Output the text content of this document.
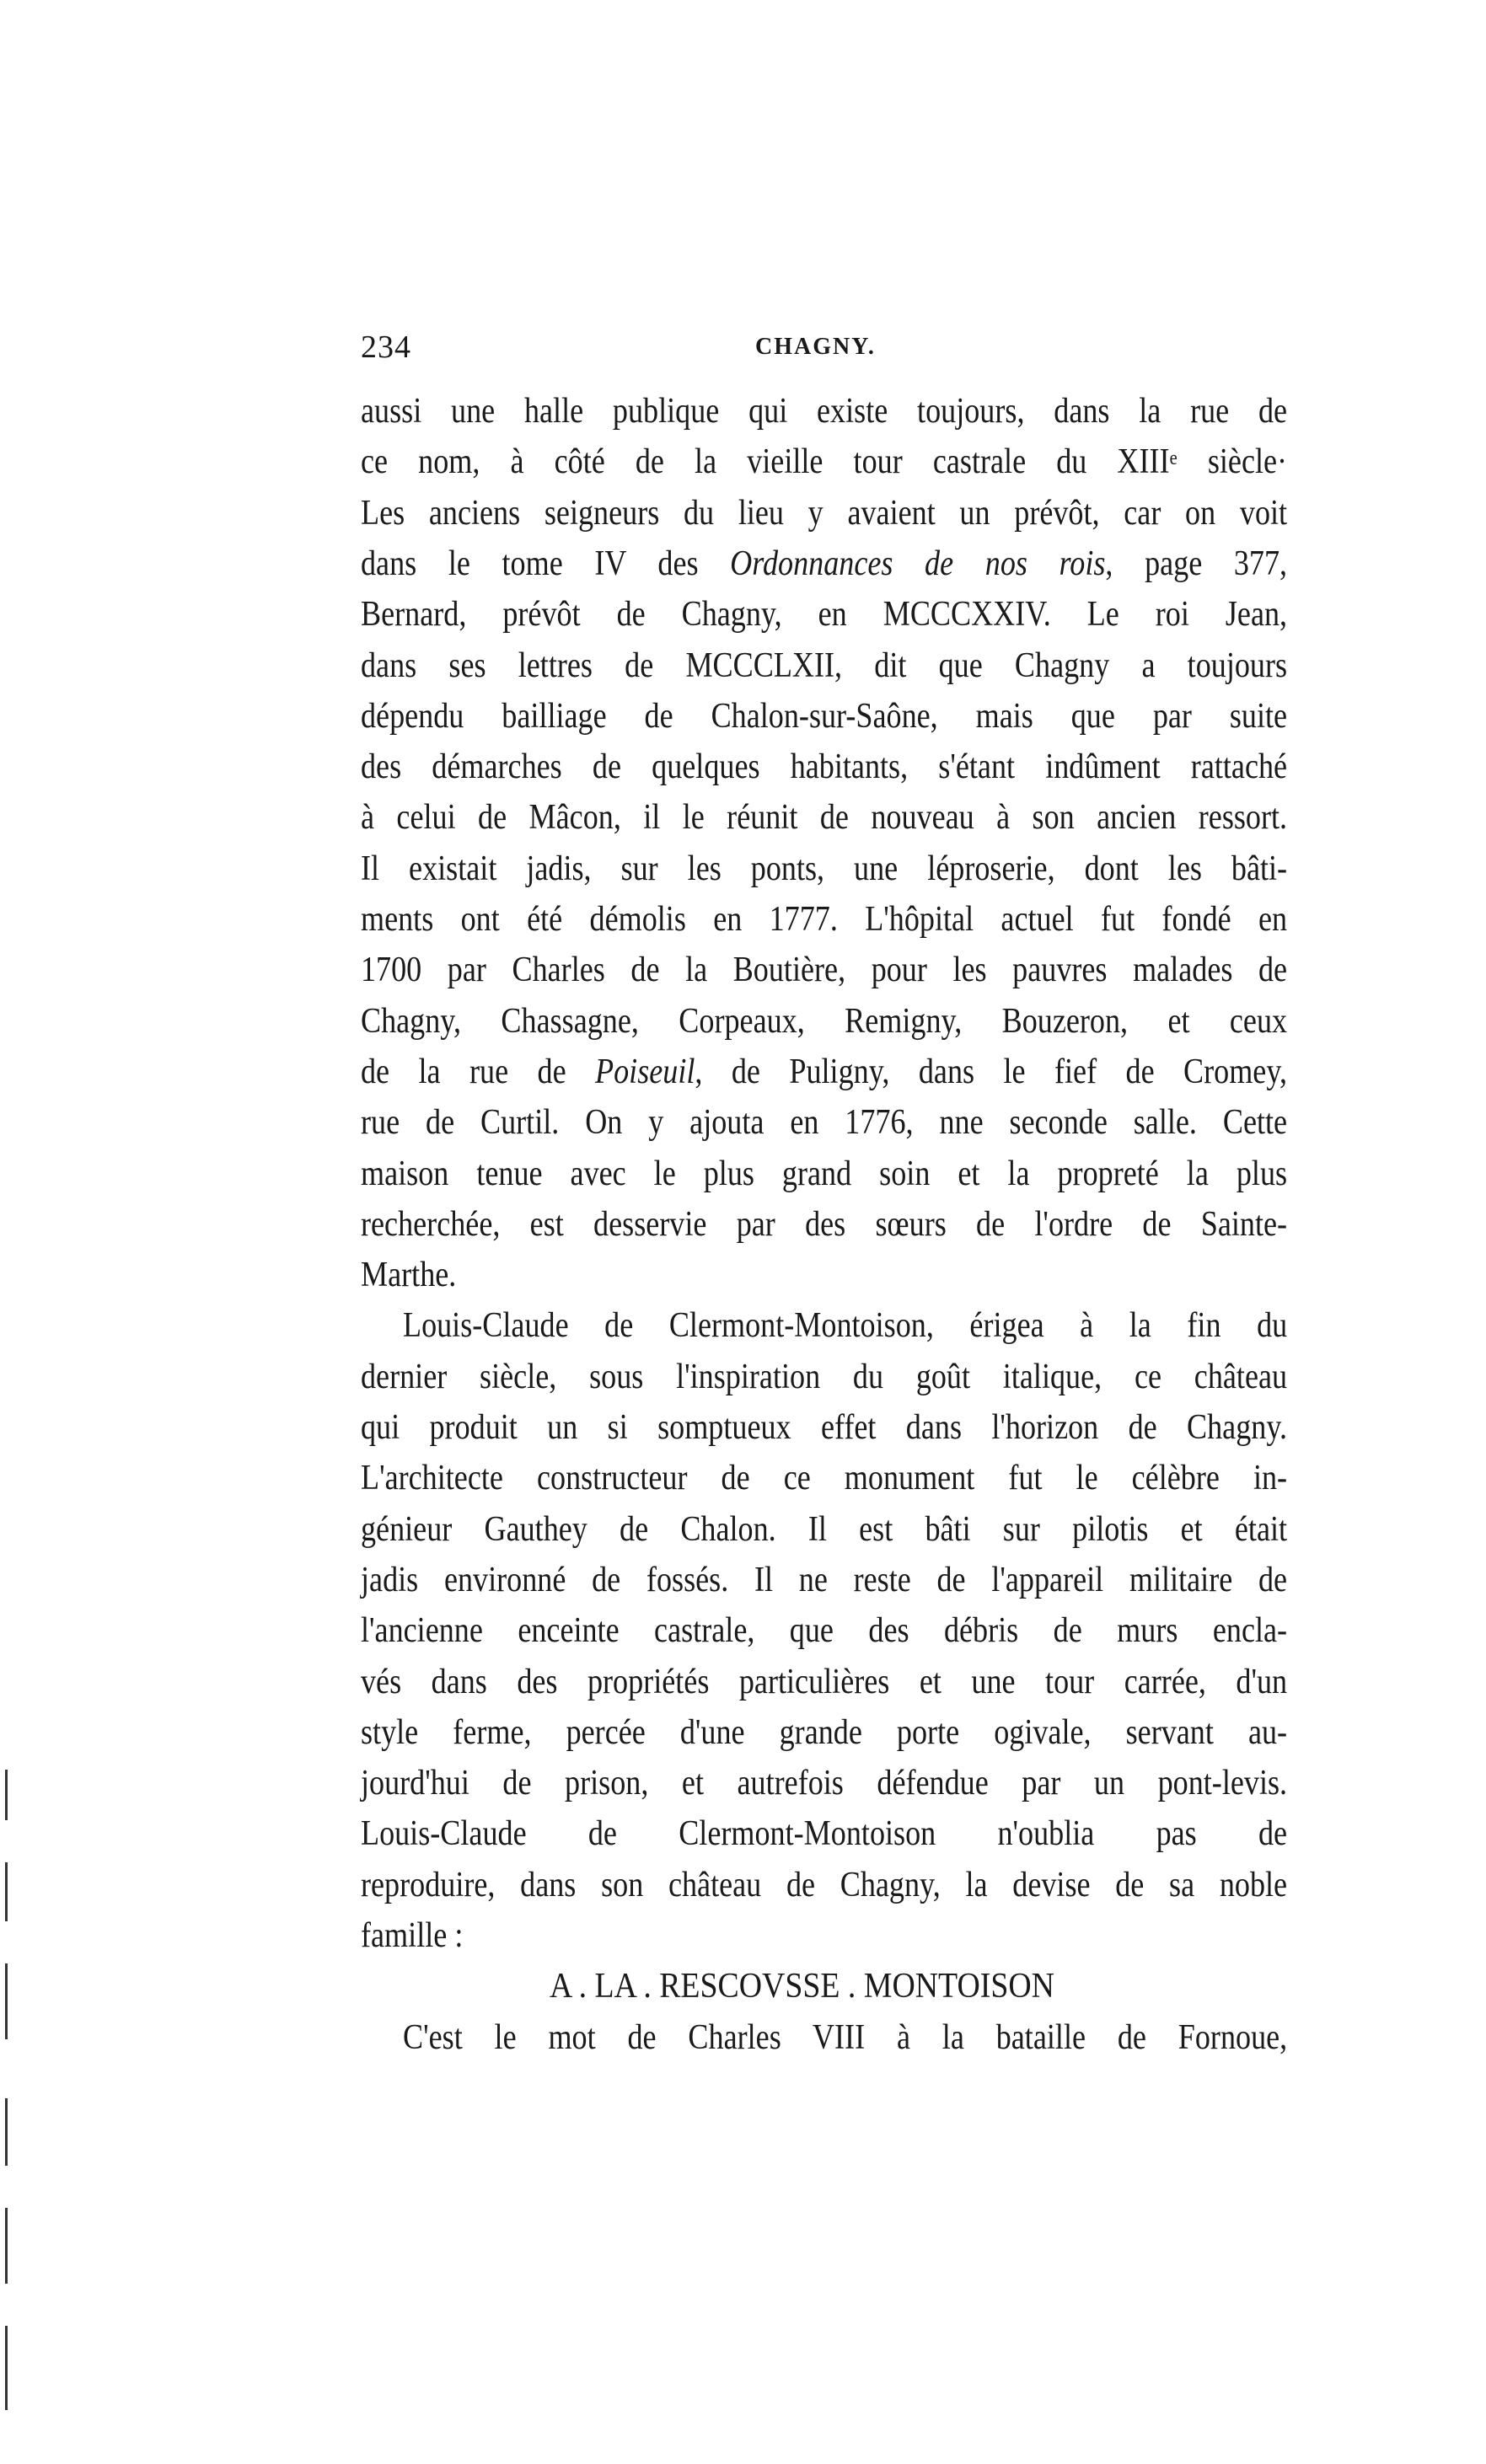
234	CHAGNY.
aussi une halle publique qui existe toujours, dans la rue de
ce nom, à côté de la vieille tour castrale du XIIIe siècle·
Les anciens seigneurs du lieu y avaient un prévôt, car on voit
dans le tome IV des Ordonnances de nos rois, page 377,
Bernard, prévôt de Chagny, en MCCCXXIV. Le roi Jean,
dans ses lettres de MCCCLXII, dit que Chagny a toujours
dépendu bailliage de Chalon-sur-Saône, mais que par suite
des démarches de quelques habitants, s'étant indûment rattaché
à celui de Mâcon, il le réunit de nouveau à son ancien ressort.
Il existait jadis, sur les ponts, une léproserie, dont les bâti-
ments ont été démolis en 1777. L'hôpital actuel fut fondé en
1700 par Charles de la Boutière, pour les pauvres malades de
Chagny, Chassagne, Corpeaux, Remigny, Bouzeron, et ceux
de la rue de Poiseuil, de Puligny, dans le fief de Cromey,
rue de Curtil. On y ajouta en 1776, nne seconde salle. Cette
maison tenue avec le plus grand soin et la propreté la plus
recherchée, est desservie par des sœurs de l'ordre de Sainte-
Marthe.
Louis-Claude de Clermont-Montoison, érigea à la fin du
dernier siècle, sous l'inspiration du goût italique, ce château
qui produit un si somptueux effet dans l'horizon de Chagny.
L'architecte constructeur de ce monument fut le célèbre in-
génieur Gauthey de Chalon. Il est bâti sur pilotis et était
jadis environné de fossés. Il ne reste de l'appareil militaire de
l'ancienne enceinte castrale, que des débris de murs encla-
vés dans des propriétés particulières et une tour carrée, d'un
style ferme, percée d'une grande porte ogivale, servant au-
jourd'hui de prison, et autrefois défendue par un pont-levis.
Louis-Claude de Clermont-Montoison n'oublia pas de
reproduire, dans son château de Chagny, la devise de sa noble
famille :
A . LA . RESCOVSSE . MONTOISON
C'est le mot de Charles VIII à la bataille de Fornoue,
